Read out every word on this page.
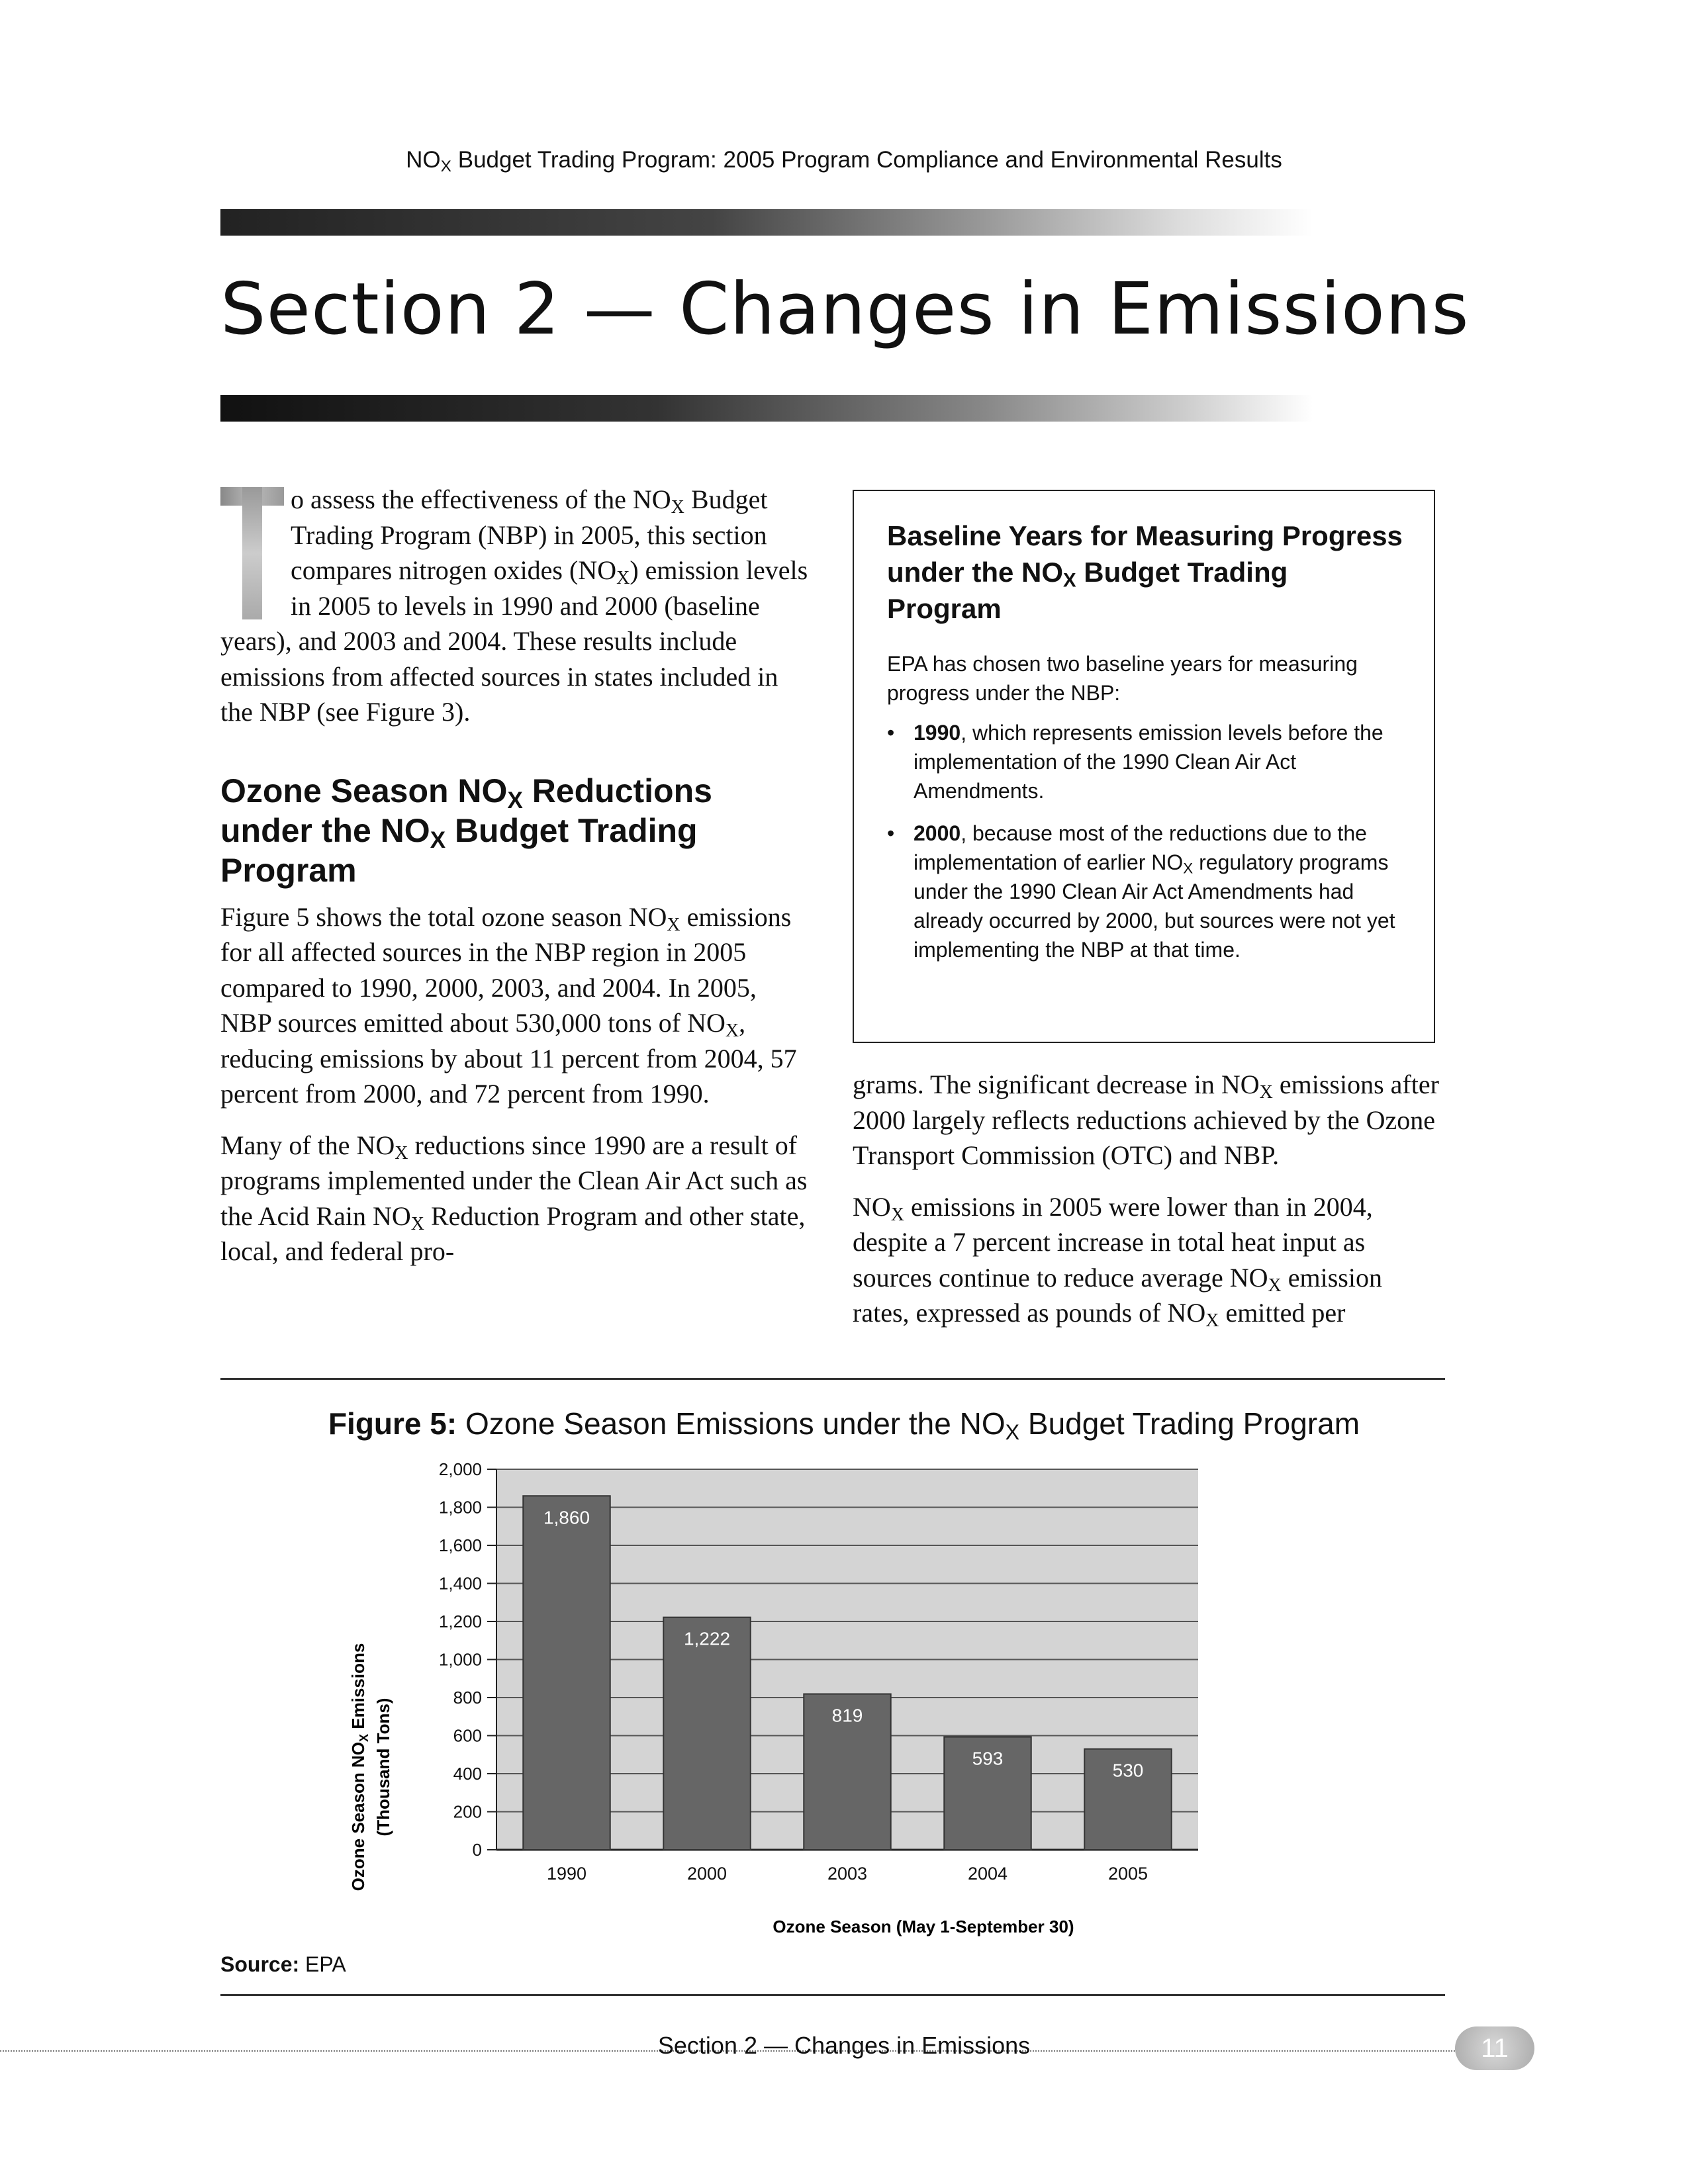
$NO_X$ Budget Trading Program: 2005 Program Compliance and Environmental Results
Section 2 — Changes in Emissions

o assess the effectiveness of the $NO_X$ Budget Trading Program (NBP) in 2005, this section compares nitrogen oxides $(NO_X)$ emission levels in 2005 to levels in 1990 and 2000 (baseline years), and 2003 and 2004. These results include emissions from affected sources in states included in the NBP (see Figure 3).

Ozone Season $NO_X$ Reductions under the $NO_X$ Budget Trading Program

Figure 5 shows the total ozone season $NO_X$ emissions for all affected sources in the NBP region in 2005 compared to 1990, 2000, 2003, and 2004. In 2005, NBP sources emitted about 530,000 tons of $NO_X$, reducing emissions by about 11 percent from 2004, 57 percent from 2000, and 72 percent from 1990.

Many of the $NO_X$ reductions since 1990 are a result of programs implemented under the Clean Air Act such as the Acid Rain $NO_X$ Reduction Program and other state, local, and federal pro-

Baseline Years for Measuring Progress under the $NO_X$ Budget Trading Program

EPA has chosen two baseline years for measuring progress under the NBP:

• 1990, which represents emission levels before the implementation of the 1990 Clean Air Act Amendments.
• 2000, because most of the reductions due to the implementation of earlier $NO_X$ regulatory programs under the 1990 Clean Air Act Amendments had already occurred by 2000, but sources were not yet implementing the NBP at that time.

grams. The significant decrease in $NO_X$ emissions after 2000 largely reflects reductions achieved by the Ozone Transport Commission (OTC) and NBP.

$NO_X$ emissions in 2005 were lower than in 2004, despite a 7 percent increase in total heat input as sources continue to reduce average $NO_X$ emission rates, expressed as pounds of $NO_X$ emitted per

Figure 5: Ozone Season Emissions under the $NO_X$ Budget Trading Program
Ozone Season $NO_X$ Emissions
(Thousand Tons)
0
200
400
600
800
1,000
1,200
1,400
1,600
1,800
2,000
1,860
1990
1,222
2000
819
2003
593
2004
530
2005
Ozone Season (May 1-September 30)
Source: EPA
Section 2 — Changes in Emissions	11
